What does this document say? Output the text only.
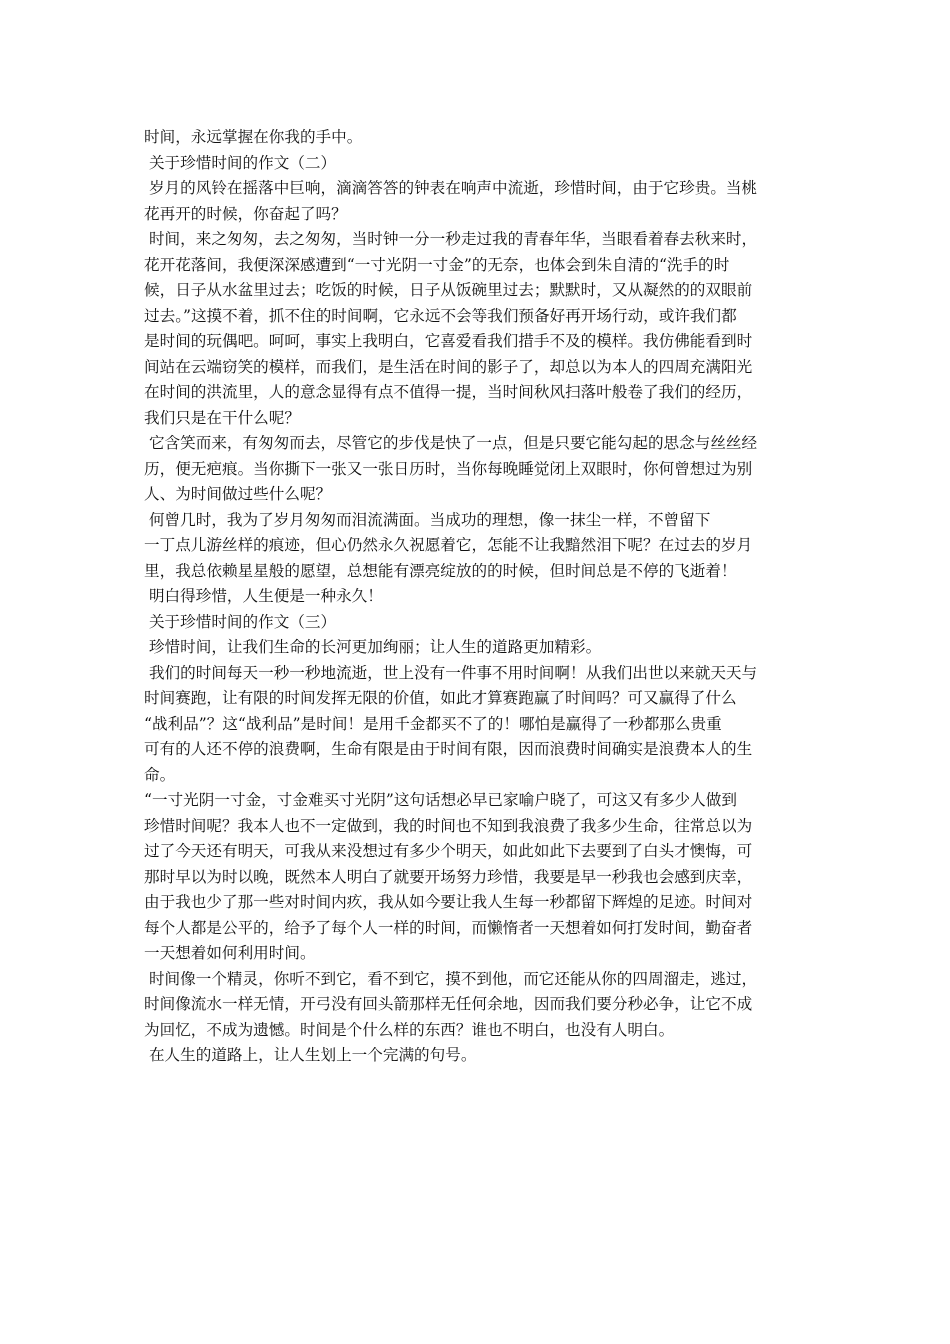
时间，永远掌握在你我的手中。
关于珍惜时间的作文（二）
岁月的风铃在摇落中巨响，滴滴答答的钟表在响声中流逝，珍惜时间，由于它珍贵。当桃
花再开的时候，你奋起了吗？
时间，来之匆匆，去之匆匆，当时钟一分一秒走过我的青春年华，当眼看着春去秋来时，
花开花落间，我便深深感遭到“一寸光阴一寸金”的无奈，也体会到朱自清的“洗手的时
候，日子从水盆里过去；吃饭的时候，日子从饭碗里过去；默默时，又从凝然的的双眼前
过去。”这摸不着，抓不住的时间啊，它永远不会等我们预备好再开场行动，或许我们都
是时间的玩偶吧。呵呵，事实上我明白，它喜爱看我们措手不及的模样。我仿佛能看到时
间站在云端窃笑的模样，而我们，是生活在时间的影子了，却总以为本人的四周充满阳光
在时间的洪流里，人的意念显得有点不值得一提，当时间秋风扫落叶般卷了我们的经历，
我们只是在干什么呢？
它含笑而来，有匆匆而去，尽管它的步伐是快了一点，但是只要它能勾起的思念与丝丝经
历，便无疤痕。当你撕下一张又一张日历时，当你每晚睡觉闭上双眼时，你何曾想过为别
人、为时间做过些什么呢？
何曾几时，我为了岁月匆匆而泪流满面。当成功的理想，像一抹尘一样，不曾留下
一丁点儿游丝样的痕迹，但心仍然永久祝愿着它，怎能不让我黯然泪下呢？在过去的岁月
里，我总依赖星星般的愿望，总想能有漂亮绽放的的时候，但时间总是不停的飞逝着！
明白得珍惜，人生便是一种永久！
关于珍惜时间的作文（三）
珍惜时间，让我们生命的长河更加绚丽；让人生的道路更加精彩。
我们的时间每天一秒一秒地流逝，世上没有一件事不用时间啊！从我们出世以来就天天与
时间赛跑，让有限的时间发挥无限的价值，如此才算赛跑赢了时间吗？可又赢得了什么
“战利品”？这“战利品”是时间！是用千金都买不了的！哪怕是赢得了一秒都那么贵重
可有的人还不停的浪费啊，生命有限是由于时间有限，因而浪费时间确实是浪费本人的生
命。
“一寸光阴一寸金，寸金难买寸光阴”这句话想必早已家喻户晓了，可这又有多少人做到
珍惜时间呢？我本人也不一定做到，我的时间也不知到我浪费了我多少生命，往常总以为
过了今天还有明天，可我从来没想过有多少个明天，如此如此下去要到了白头才懊悔，可
那时早以为时以晚，既然本人明白了就要开场努力珍惜，我要是早一秒我也会感到庆幸，
由于我也少了那一些对时间内疚，我从如今要让我人生每一秒都留下辉煌的足迹。时间对
每个人都是公平的，给予了每个人一样的时间，而懒惰者一天想着如何打发时间，勤奋者
一天想着如何利用时间。
时间像一个精灵，你听不到它，看不到它，摸不到他，而它还能从你的四周溜走，逃过，
时间像流水一样无情，开弓没有回头箭那样无任何余地，因而我们要分秒必争，让它不成
为回忆，不成为遗憾。时间是个什么样的东西？谁也不明白，也没有人明白。
在人生的道路上，让人生划上一个完满的句号。
